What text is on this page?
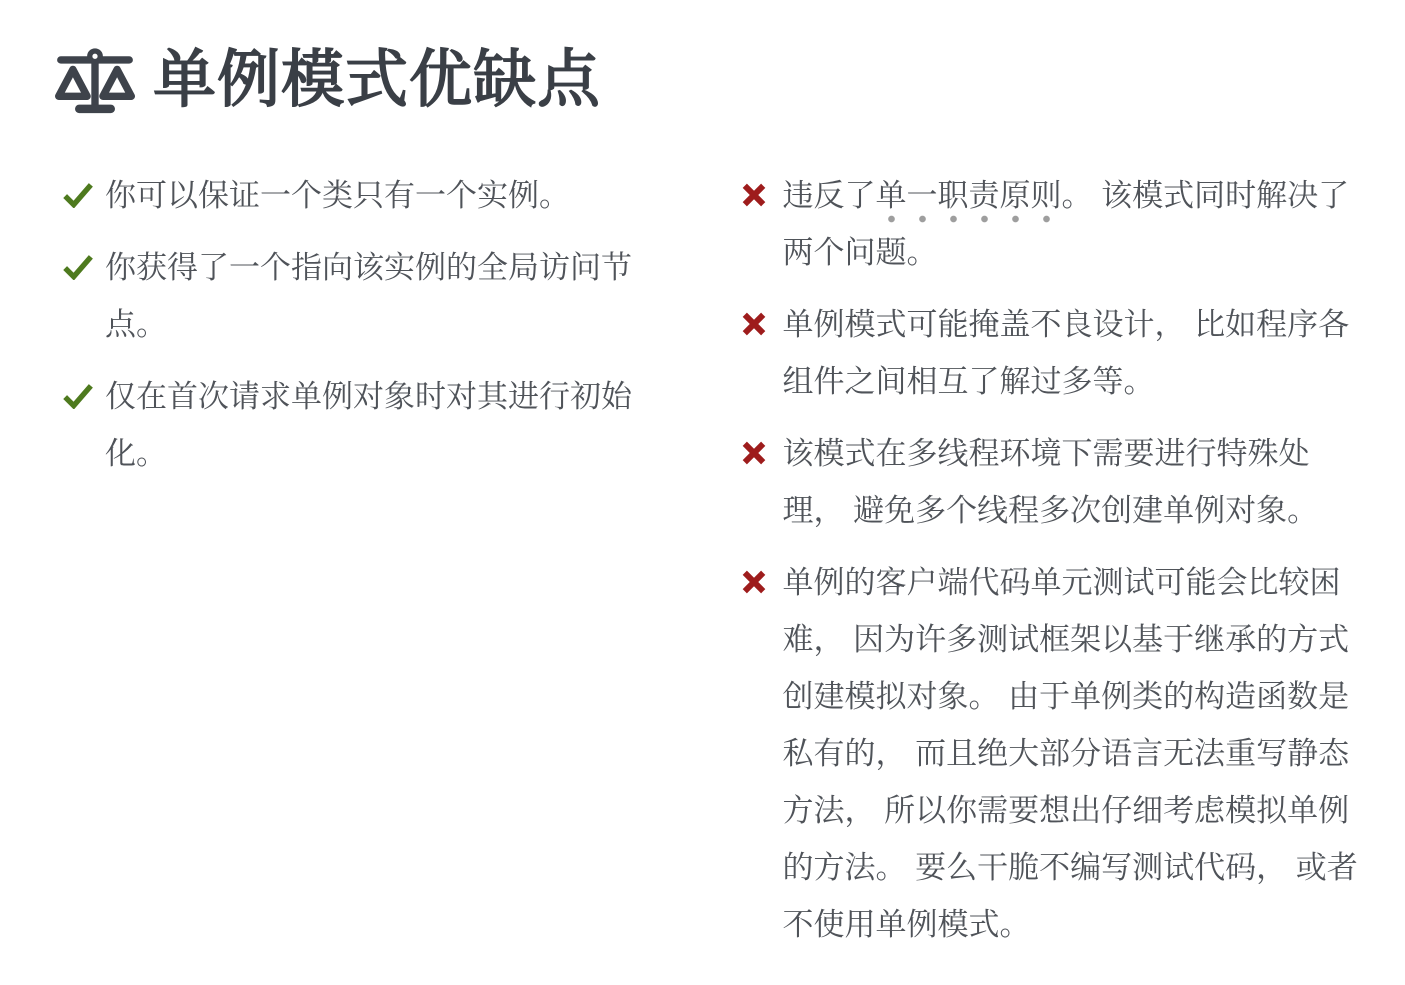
单例模式优缺点
你可以保证一个类只有一个实例。
你获得了一个指向该实例的全局访问节点。
仅在首次请求单例对象时对其进行初始化。
违反了单一职责原则。 该模式同时解决了两个问题。
单例模式可能掩盖不良设计， 比如程序各组件之间相互了解过多等。
该模式在多线程环境下需要进行特殊处理， 避免多个线程多次创建单例对象。
单例的客户端代码单元测试可能会比较困难， 因为许多测试框架以基于继承的方式创建模拟对象。 由于单例类的构造函数是私有的， 而且绝大部分语言无法重写静态方法， 所以你需要想出仔细考虑模拟单例的方法。 要么干脆不编写测试代码， 或者不使用单例模式。
